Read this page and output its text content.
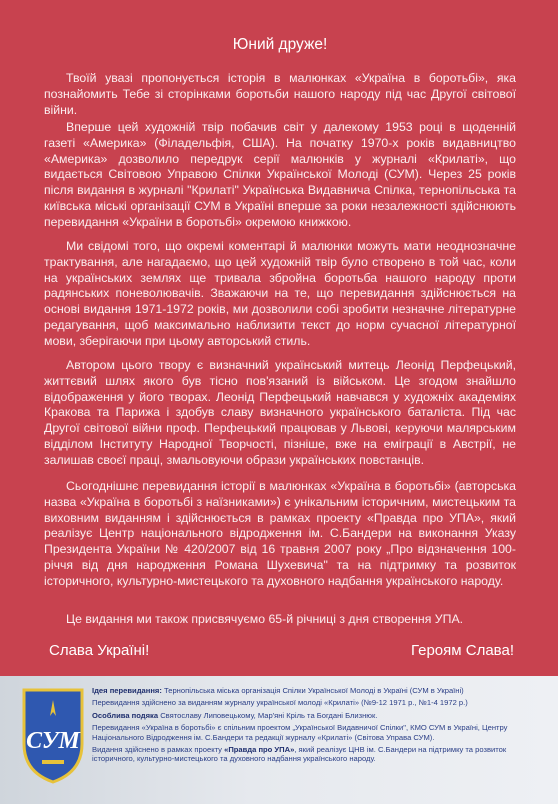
Юний друже!

Твоїй увазі пропонується історія в малюнках «Україна в боротьбі», яка познайомить Тебе зі сторінками боротьби нашого народу під час Другої світової війни.

Вперше цей художній твір побачив світ у далекому 1953 році в щоденній газеті «Америка» (Філадельфія, США). На початку 1970-х років видавництво «Америка» дозволило передрук серії малюнків у журналі «Крилаті», що видається Світовою Управою Спілки Української Молоді (СУМ). Через 25 років після видання в журналі "Крилаті" Українська Видавнича Спілка, тернопільська та київська міські організації СУМ в Україні вперше за роки незалежності здійснюють перевидання «України в боротьбі» окремою книжкою.

Ми свідомі того, що окремі коментарі й малюнки можуть мати неоднозначне трактування, але нагадаємо, що цей художній твір було створено в той час, коли на українських землях ще тривала збройна боротьба нашого народу проти радянських поневолювачів. Зважаючи на те, що перевидання здійснюється на основі видання 1971-1972 років, ми дозволили собі зробити незначне літературне редагування, щоб максимально наблизити текст до норм сучасної літературної мови, зберігаючи при цьому авторський стиль.

Автором цього твору є визначний український митець Леонід Перфецький, життєвий шлях якого був тісно пов'язаний із військом. Це згодом знайшло відображення у його творах. Леонід Перфецький навчався у художніх академіях Кракова та Парижа і здобув славу визначного українського баталіста. Під час Другої світової війни проф. Перфецький працював у Львові, керуючи малярським відділом Інституту Народної Творчості, пізніше, вже на еміграції в Австрії, не залишав своєї праці, змальовуючи образи українських повстанців.

Сьогоднішнє перевидання історії в малюнках «Україна в боротьбі» (авторська назва «Україна в боротьбі з наїзниками») є унікальним історичним, мистецьким та виховним виданням і здійснюється в рамках проекту «Правда про УПА», який реалізує Центр національного відродження ім. С.Бандери на виконання Указу Президента України № 420/2007 від 16 травня 2007 року „Про відзначення 100-річчя від дня народження Романа Шухевича" та на підтримку та розвиток історичного, культурно-мистецького та духовного надбання українського народу.

Це видання ми також присвячуємо 65-й річниці з дня створення УПА.

Слава Україні!	Героям Слава!
СУМ

Ідея перевидання: Тернопільська міська організація Спілки Української Молоді в Україні (СУМ в Україні)

Перевидання здійснено за виданням журналу української молоді «Крилаті» (№9-12 1971 р., №1-4 1972 р.)

Особлива подяка Святославу Липовецькому, Мар'яні Кріль та Богдані Близнюк.

Перевидання «Україна в боротьбі» є спільним проектом „Української Видавничої Спілки", КМО СУМ в Україні, Центру Національного Відродження ім. С.Бандери та редакції журналу «Крилаті» (Світова Управа СУМ).

Видання здійснено в рамках проекту «Правда про УПА», який реалізує ЦНВ ім. С.Бандери на підтримку та розвиток історичного, культурно-мистецького та духовного надбання українського народу.
